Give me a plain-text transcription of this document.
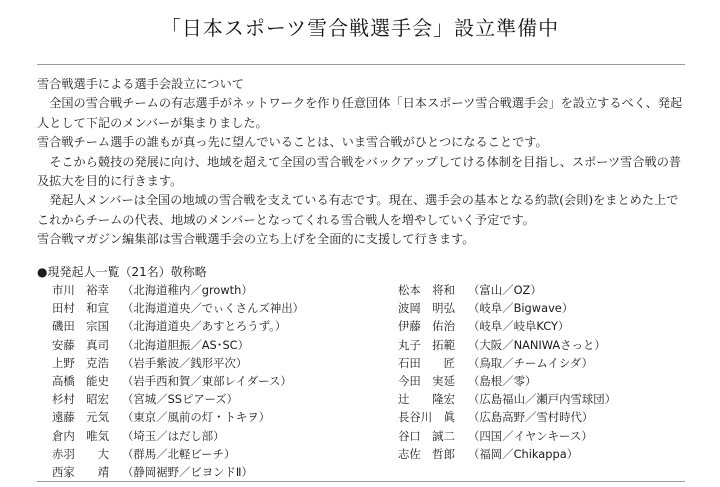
「日本スポーツ雪合戦選手会」設立準備中

雪合戦選手による選手会設立について

全国の雪合戦チームの有志選手がネットワークを作り任意団体「日本スポーツ雪合戦選手会」を設立するべく、発起人として下記のメンバーが集まりました。

雪合戦チーム選手の誰もが真っ先に望んでいることは、いま雪合戦がひとつになることです。

そこから競技の発展に向け、地域を超えて全国の雪合戦をバックアップしてける体制を目指し、スポーツ雪合戦の普及拡大を目的に行きます。

発起人メンバーは全国の地域の雪合戦を支えている有志です。現在、選手会の基本となる約款(会則)をまとめた上でこれからチームの代表、地域のメンバーとなってくれる雪合戦人を増やしていく予定です。

雪合戦マガジン編集部は雪合戦選手会の立ち上げを全面的に支援して行きます。

●現発起人一覧（21名）敬称略
市川　裕幸 （北海道稚内／growth）
田村　和宣 （北海道道央／でぃくさんズ神出）
磯田　宗国 （北海道道央／あすとろうず。）
安藤　真司 （北海道胆振／AS･SC）
上野　克浩 （岩手紫波／銭形平次）
高橋　能史 （岩手西和賀／東部レイダース）
杉村　昭宏 （宮城／SSピアーズ）
遠藤　元気 （東京／風前の灯・トキヲ）
倉内　唯気 （埼玉／はだし部）
赤羽　　大 （群馬／北軽ビーチ）
西家　　靖 （静岡裾野／ビヨンドⅡ）
松本　将和 （富山／OZ）
波岡　明弘 （岐阜／Bigwave）
伊藤　佑治 （岐阜／岐阜KCY）
丸子　拓範 （大阪／NANIWAさっと）
石田　　匠 （鳥取／チームイシダ）
今田　実延 （島根／零）
辻　　隆宏 （広島福山／瀬戸内雪球団）
長谷川　眞 （広島高野／雪村時代）
谷口　誠二 （四国／イヤンキース）
志佐　哲郎 （福岡／Chikappa）
